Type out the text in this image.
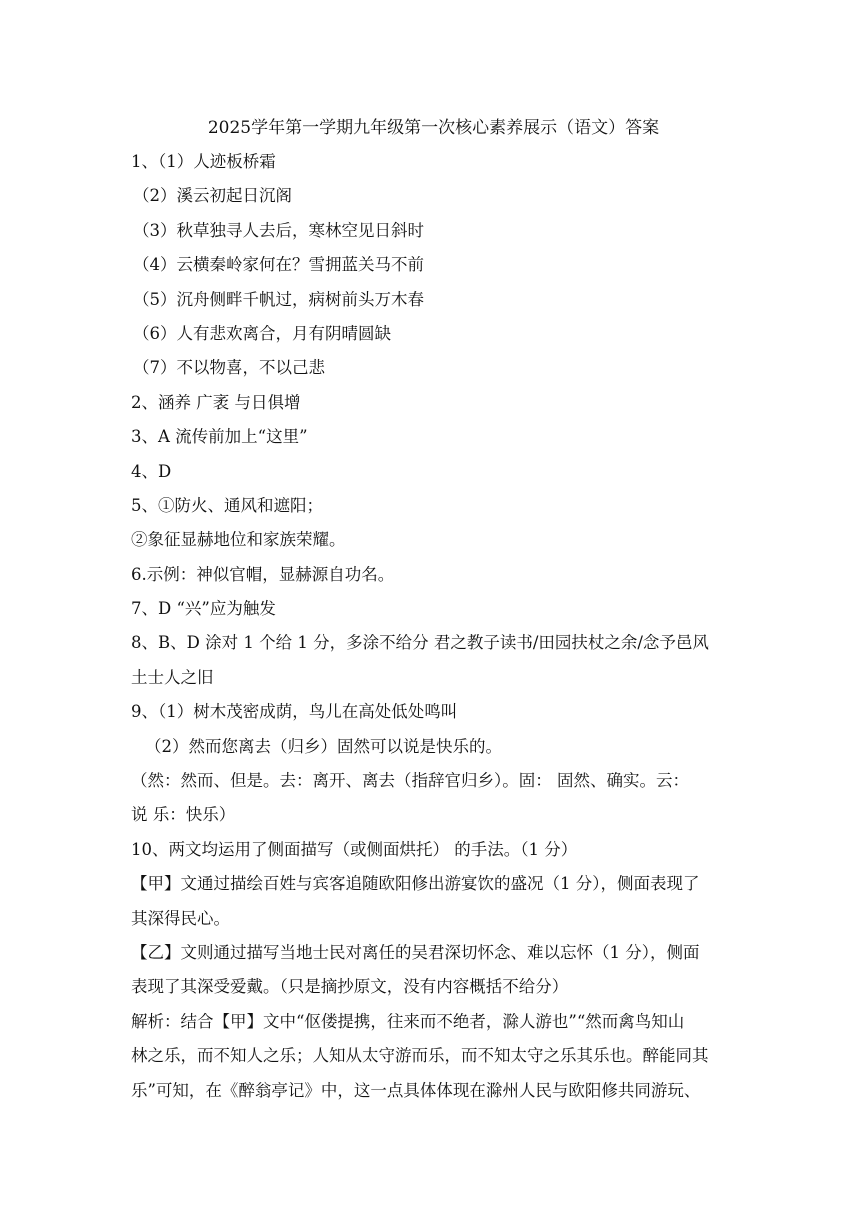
2025学年第一学期九年级第一次核心素养展示（语文）答案
1、（1）人迹板桥霜
（2）溪云初起日沉阁
（3）秋草独寻人去后，寒林空见日斜时
（4）云横秦岭家何在？雪拥蓝关马不前
（5）沉舟侧畔千帆过，病树前头万木春
（6）人有悲欢离合，月有阴晴圆缺
（7）不以物喜，不以己悲
2、涵养 广袤 与日俱增
3、A 流传前加上“这里”
4、D
5、①防火、通风和遮阳；
②象征显赫地位和家族荣耀。
6.示例：神似官帽，显赫源自功名。
7、D “兴”应为触发
8、B、D 涂对 1 个给 1 分，多涂不给分 君之教子读书/田园扶杖之余/念予邑风
土士人之旧
9、（1）树木茂密成荫，鸟儿在高处低处鸣叫
（2）然而您离去（归乡）固然可以说是快乐的。
（然：然而、但是。去：离开、离去（指辞官归乡）。固： 固然、确实。云：
说 乐：快乐）
10、两文均运用了侧面描写（或侧面烘托） 的手法。（1 分）
【甲】文通过描绘百姓与宾客追随欧阳修出游宴饮的盛况（1 分），侧面表现了
其深得民心。
【乙】文则通过描写当地士民对离任的吴君深切怀念、难以忘怀（1 分），侧面
表现了其深受爱戴。（只是摘抄原文，没有内容概括不给分）
解析：结合【甲】文中“伛偻提携，往来而不绝者，滁人游也”“然而禽鸟知山
林之乐，而不知人之乐；人知从太守游而乐，而不知太守之乐其乐也。醉能同其
乐”可知，在《醉翁亭记》中，这一点具体体现在滁州人民与欧阳修共同游玩、
